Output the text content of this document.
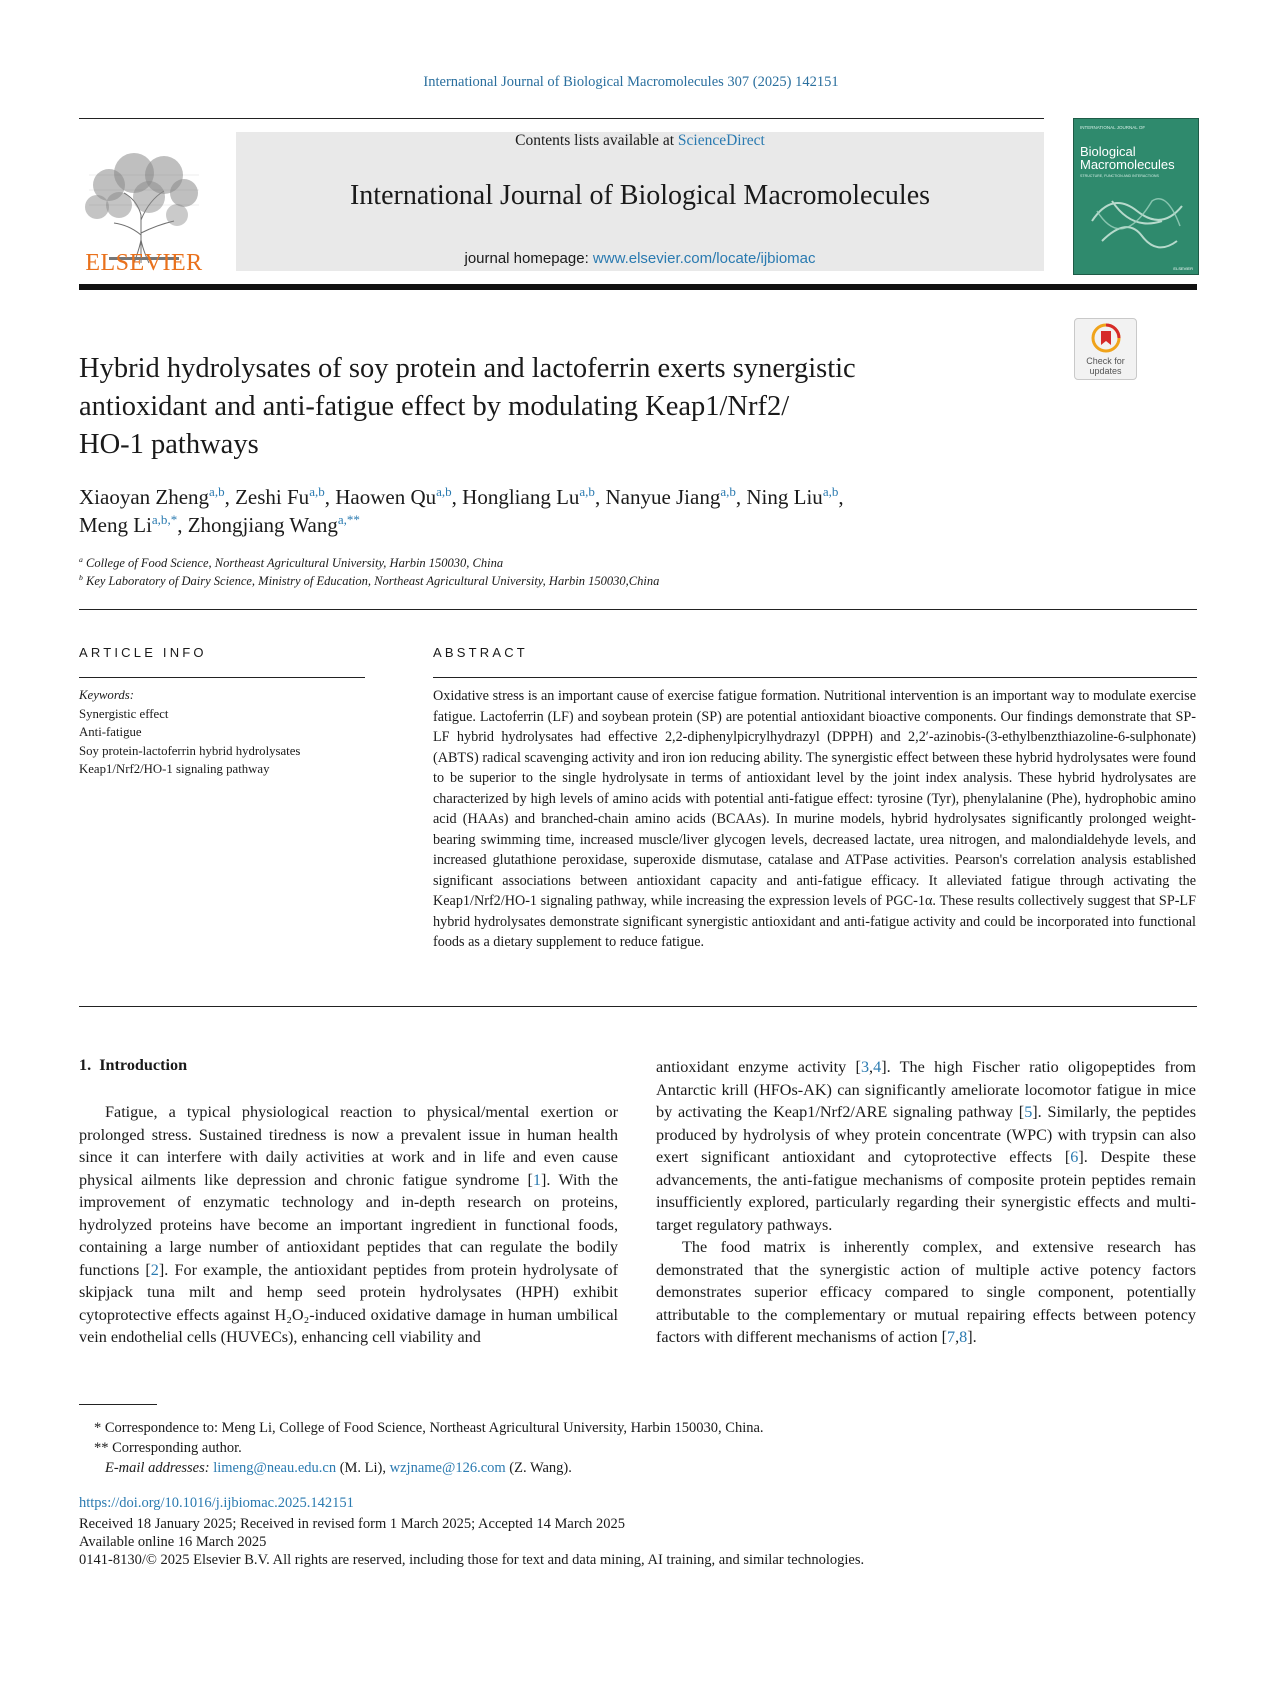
International Journal of Biological Macromolecules 307 (2025) 142151
ELSEVIER
Contents lists available at ScienceDirect
International Journal of Biological Macromolecules
journal homepage: www.elsevier.com/locate/ijbiomac
INTERNATIONAL JOURNAL OF
Biological
Macromolecules
STRUCTURE, FUNCTION AND INTERACTIONS
ELSEVIER
Check for
updates
Hybrid hydrolysates of soy protein and lactoferrin exerts synergistic
antioxidant and anti-fatigue effect by modulating Keap1/Nrf2/
HO-1 pathways
Xiaoyan Zheng$^{a,b}$, Zeshi Fu$^{a,b}$, Haowen Qu$^{a,b}$, Hongliang Lu$^{a,b}$, Nanyue Jiang$^{a,b}$, Ning Liu$^{a,b}$,
Meng $Li^{a,b,*}$, Zhongjiang Wang$^{a,**}$
$^a$ College of Food Science, Northeast Agricultural University, Harbin 150030, China
$^b$ Key Laboratory of Dairy Science, Ministry of Education, Northeast Agricultural University, Harbin 150030,China
ARTICLE INFO	ABSTRACT
Keywords:
Synergistic effect
Anti-fatigue
Soy protein-lactoferrin hybrid hydrolysates
Keap1/Nrf2/HO-1 signaling pathway
Oxidative stress is an important cause of exercise fatigue formation. Nutritional intervention is an important way to modulate exercise fatigue. Lactoferrin (LF) and soybean protein (SP) are potential antioxidant bioactive components. Our findings demonstrate that SP-LF hybrid hydrolysates had effective 2,2-diphenylpicrylhydrazyl (DPPH) and 2,2′-azinobis-(3-ethylbenzthiazoline-6-sulphonate) (ABTS) radical scavenging activity and iron ion reducing ability. The synergistic effect between these hybrid hydrolysates were found to be superior to the single hydrolysate in terms of antioxidant level by the joint index analysis. These hybrid hydrolysates are characterized by high levels of amino acids with potential anti-fatigue effect: tyrosine (Tyr), phenylalanine (Phe), hydrophobic amino acid (HAAs) and branched-chain amino acids (BCAAs). In murine models, hybrid hydrolysates significantly prolonged weight-bearing swimming time, increased muscle/liver glycogen levels, decreased lactate, urea nitrogen, and malondialdehyde levels, and increased glutathione peroxidase, superoxide dismutase, catalase and ATPase activities. Pearson's correlation analysis established significant associations between antioxidant capacity and anti-fatigue efficacy. It alleviated fatigue through activating the Keap1/Nrf2/HO-1 signaling pathway, while increasing the expression levels of PGC-1α. These results collectively suggest that SP-LF hybrid hydrolysates demonstrate significant synergistic antioxidant and anti-fatigue activity and could be incorporated into functional foods as a dietary supplement to reduce fatigue.
1. Introduction

Fatigue, a typical physiological reaction to physical/mental exertion or prolonged stress. Sustained tiredness is now a prevalent issue in human health since it can interfere with daily activities at work and in life and even cause physical ailments like depression and chronic fatigue syndrome [1]. With the improvement of enzymatic technology and in-depth research on proteins, hydrolyzed proteins have become an important ingredient in functional foods, containing a large number of antioxidant peptides that can regulate the bodily functions [2]. For example, the antioxidant peptides from protein hydrolysate of skipjack tuna milt and hemp seed protein hydrolysates (HPH) exhibit cytoprotective effects against H₂O₂-induced oxidative damage in human umbilical vein endothelial cells (HUVECs), enhancing cell viability and

antioxidant enzyme activity [3,4]. The high Fischer ratio oligopeptides from Antarctic krill (HFOs-AK) can significantly ameliorate locomotor fatigue in mice by activating the Keap1/Nrf2/ARE signaling pathway [5]. Similarly, the peptides produced by hydrolysis of whey protein concentrate (WPC) with trypsin can also exert significant antioxidant and cytoprotective effects [6]. Despite these advancements, the anti-fatigue mechanisms of composite protein peptides remain insufficiently explored, particularly regarding their synergistic effects and multi-target regulatory pathways.

The food matrix is inherently complex, and extensive research has demonstrated that the synergistic action of multiple active potency factors demonstrates superior efficacy compared to single component, potentially attributable to the complementary or mutual repairing effects between potency factors with different mechanisms of action [7,8].

* Correspondence to: Meng Li, College of Food Science, Northeast Agricultural University, Harbin 150030, China.
** Corresponding author.
E-mail addresses: limeng@neau.edu.cn (M. Li), wzjname@126.com (Z. Wang).
https://doi.org/10.1016/j.ijbiomac.2025.142151
Received 18 January 2025; Received in revised form 1 March 2025; Accepted 14 March 2025
Available online 16 March 2025
0141-8130/© 2025 Elsevier B.V. All rights are reserved, including those for text and data mining, AI training, and similar technologies.
